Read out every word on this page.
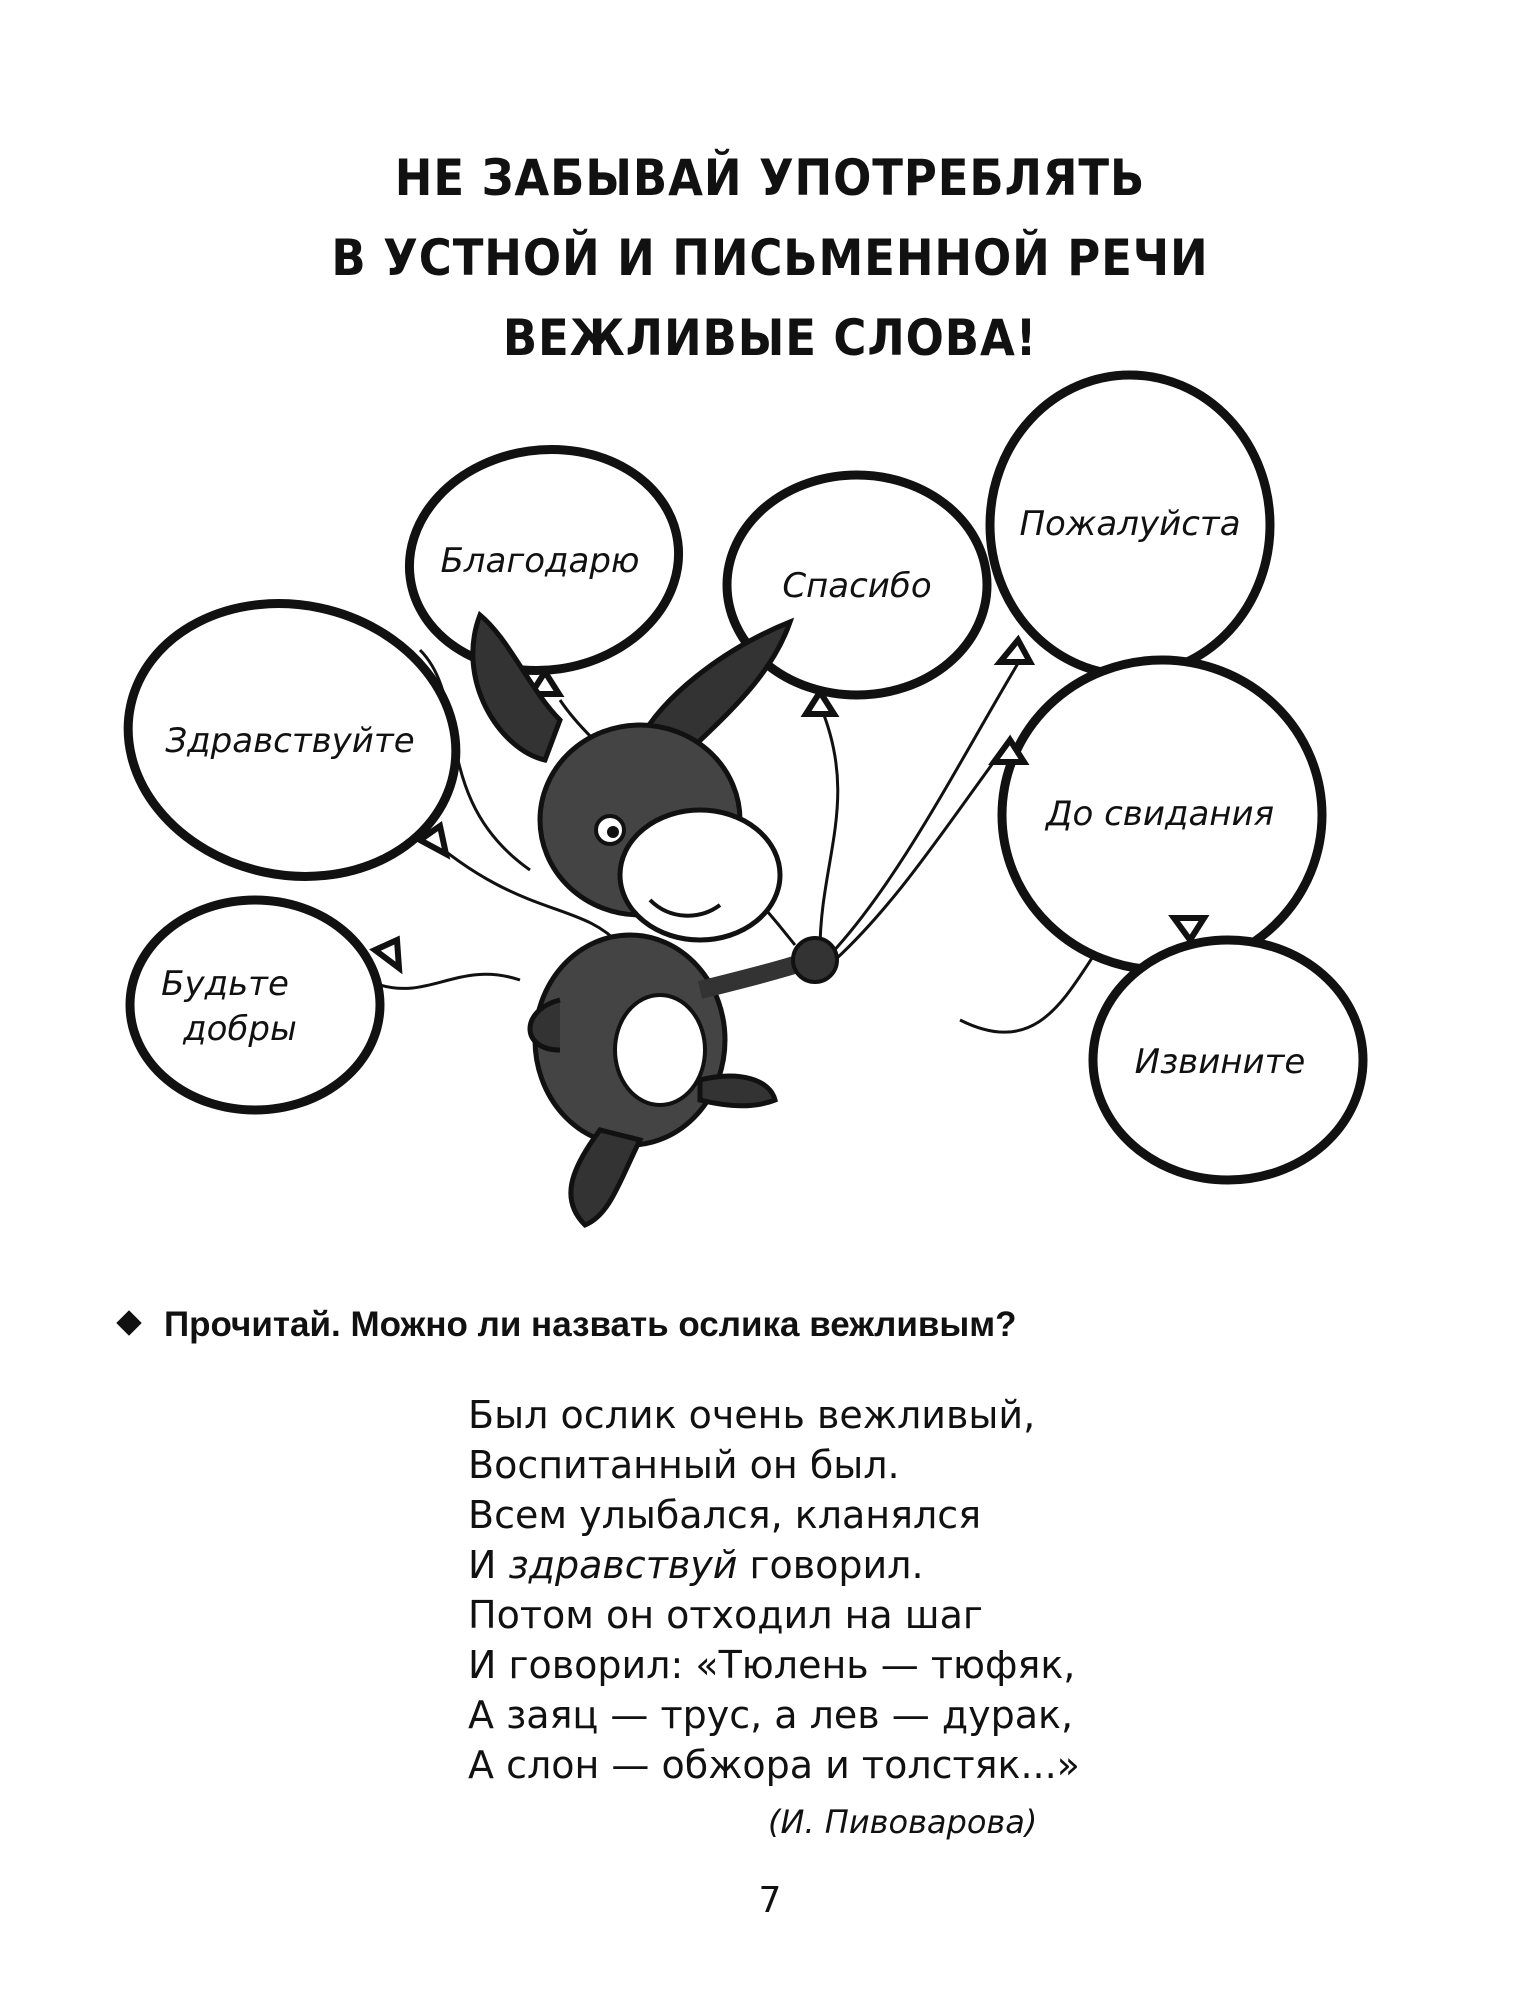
НЕ ЗАБЫВАЙ УПОТРЕБЛЯТЬ
В УСТНОЙ И ПИСЬМЕННОЙ РЕЧИ
ВЕЖЛИВЫЕ СЛОВА!
Благодарю
Спасибо
Пожалуйста
Здравствуйте
До свидания
Будьте
добры
Извините
Прочитай. Можно ли назвать ослика вежливым?
Был ослик очень вежливый,
Воспитанный он был.
Всем улыбался, кланялся
И здравствуй говорил.
Потом он отходил на шаг
И говорил: «Тюлень — тюфяк,
А заяц — трус, а лев — дурак,
А слон — обжора и толстяк...»
(И. Пивоварова)
7
